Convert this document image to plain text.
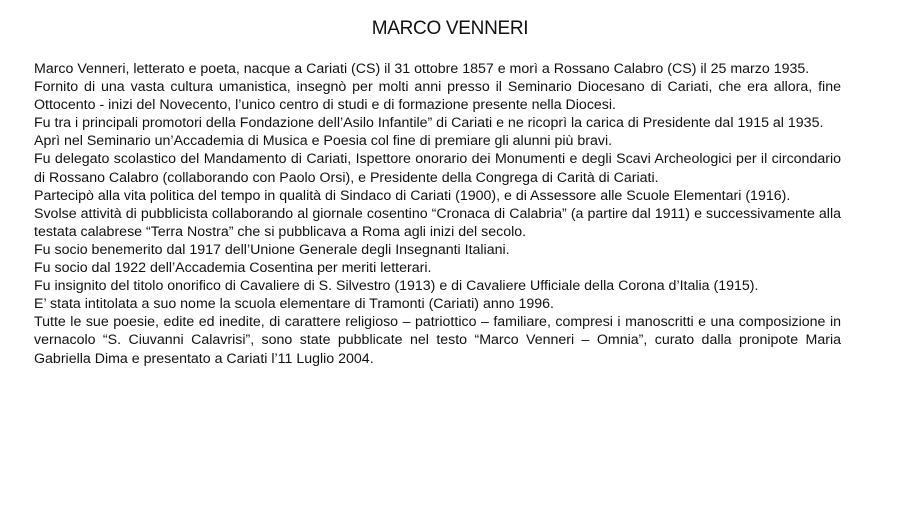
MARCO VENNERI

Marco Venneri, letterato e poeta, nacque a Cariati (CS) il 31 ottobre 1857 e morì a Rossano Calabro (CS) il 25 marzo 1935.

Fornito di una vasta cultura umanistica, insegnò per molti anni presso il Seminario Diocesano di Cariati, che era allora, fine Ottocento - inizi del Novecento, l’unico centro di studi e di formazione presente nella Diocesi.

Fu tra i principali promotori della Fondazione dell’Asilo Infantile” di Cariati e ne ricoprì la carica di Presidente dal 1915 al 1935.

Aprì nel Seminario un’Accademia di Musica e Poesia col fine di premiare gli alunni più bravi.

Fu delegato scolastico del Mandamento di Cariati, Ispettore onorario dei Monumenti e degli Scavi Archeologici per il circondario di Rossano Calabro (collaborando con Paolo Orsi), e Presidente della Congrega di Carità di Cariati.

Partecipò alla vita politica del tempo in qualità di Sindaco di Cariati (1900), e di Assessore alle Scuole Elementari (1916).

Svolse attività di pubblicista collaborando al giornale cosentino “Cronaca di Calabria” (a partire dal 1911) e successivamente alla testata calabrese “Terra Nostra” che si pubblicava a Roma agli inizi del secolo.

Fu socio benemerito dal 1917 dell’Unione Generale degli Insegnanti Italiani.

Fu socio dal 1922 dell’Accademia Cosentina per meriti letterari.

Fu insignito del titolo onorifico di Cavaliere di S. Silvestro (1913) e di Cavaliere Ufficiale della Corona d’Italia (1915).

E’ stata intitolata a suo nome la scuola elementare di Tramonti (Cariati) anno 1996.

Tutte le sue poesie, edite ed inedite, di carattere religioso – patriottico – familiare, compresi i manoscritti e una composizione in vernacolo “S. Ciuvanni Calavrisi”, sono state pubblicate nel testo “Marco Venneri – Omnia”, curato dalla pronipote Maria Gabriella Dima e presentato a Cariati l’11 Luglio 2004.
